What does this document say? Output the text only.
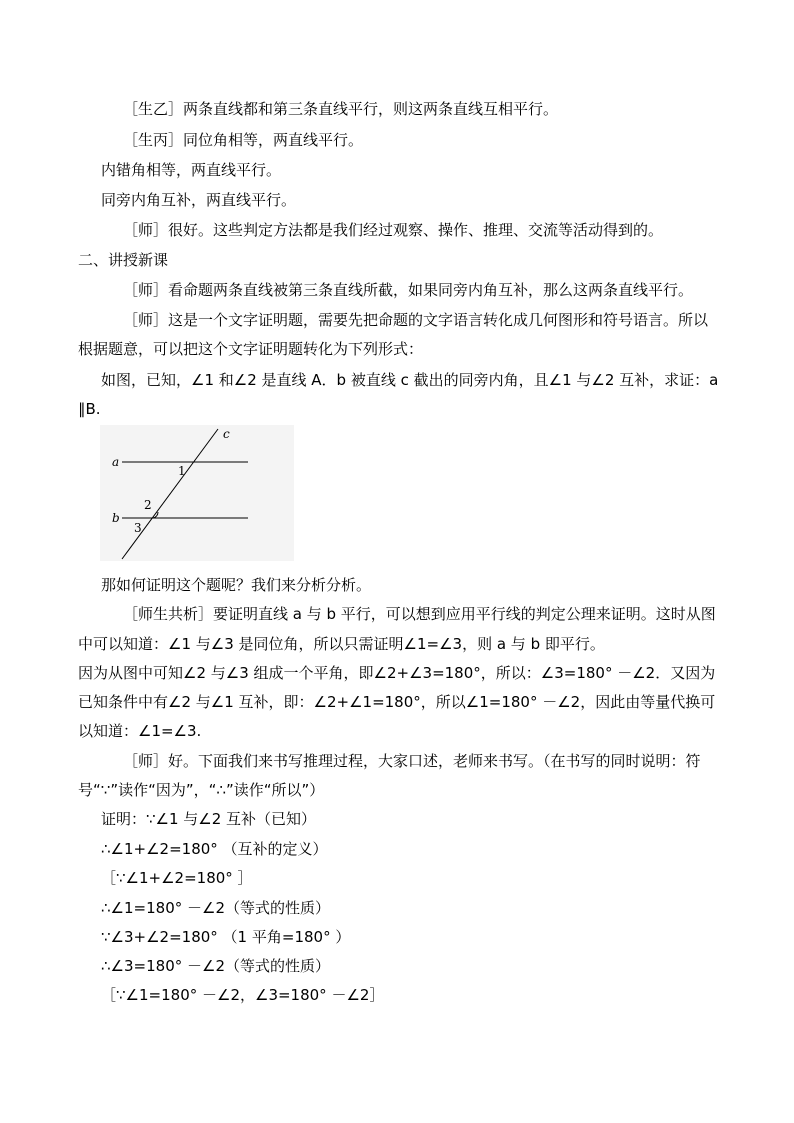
［生乙］两条直线都和第三条直线平行，则这两条直线互相平行。
［生丙］同位角相等，两直线平行。
内错角相等，两直线平行。
同旁内角互补，两直线平行。
［师］很好。这些判定方法都是我们经过观察、操作、推理、交流等活动得到的。
二、讲授新课
［师］看命题两条直线被第三条直线所截，如果同旁内角互补，那么这两条直线平行。
［师］这是一个文字证明题，需要先把命题的文字语言转化成几何图形和符号语言。所以
根据题意，可以把这个文字证明题转化为下列形式：
如图，已知，∠1 和∠2 是直线 A．b 被直线 c 截出的同旁内角，且∠1 与∠2 互补，求证：a
∥B.
a
b
c
1
2
3
那如何证明这个题呢？我们来分析分析。
［师生共析］要证明直线 a 与 b 平行，可以想到应用平行线的判定公理来证明。这时从图
中可以知道：∠1 与∠3 是同位角，所以只需证明∠1=∠3，则 a 与 b 即平行。
因为从图中可知∠2 与∠3 组成一个平角，即∠2+∠3=180°，所以：∠3=180° －∠2．又因为
已知条件中有∠2 与∠1 互补，即：∠2+∠1=180°，所以∠1=180° －∠2，因此由等量代换可
以知道：∠1=∠3.
［师］好。下面我们来书写推理过程，大家口述，老师来书写。（在书写的同时说明：符
号“∵”读作“因为”，“∴”读作“所以”）
证明：∵∠1 与∠2 互补（已知）
∴∠1+∠2=180° （互补的定义）
［∵∠1+∠2=180° ］
∴∠1=180° －∠2（等式的性质）
∵∠3+∠2=180° （1 平角=180° ）
∴∠3=180° －∠2（等式的性质）
［∵∠1=180° －∠2，∠3=180° －∠2］
